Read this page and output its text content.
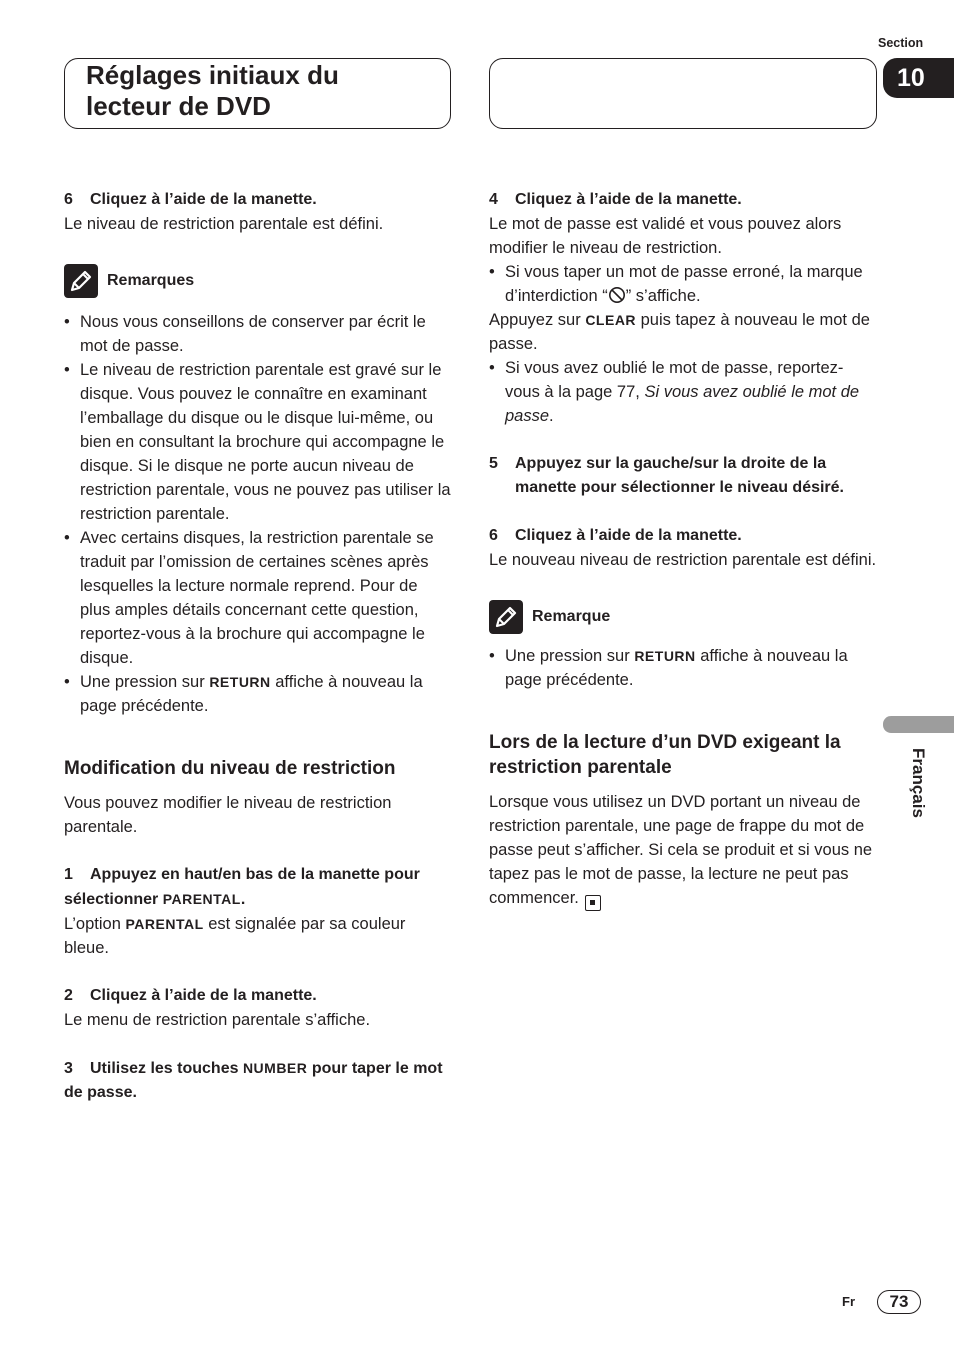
Réglages initiaux du
lecteur de DVD
Section
10
Français

6 Cliquez à l’aide de la manette.

Le niveau de restriction parentale est défini.

Remarques
• Nous vous conseillons de conserver par écrit le mot de passe.
• Le niveau de restriction parentale est gravé sur le disque. Vous pouvez le connaître en examinant l’emballage du disque ou le disque lui-même, ou bien en consultant la brochure qui accompagne le disque. Si le disque ne porte aucun niveau de restriction parentale, vous ne pouvez pas utiliser la restriction parentale.
• Avec certains disques, la restriction parentale se traduit par l’omission de certaines scènes après lesquelles la lecture normale reprend. Pour de plus amples détails concernant cette question, reportez-vous à la brochure qui accompagne le disque.
• Une pression sur RETURN affiche à nouveau la page précédente.

Modification du niveau de restriction

Vous pouvez modifier le niveau de restriction parentale.

1 Appuyez en haut/en bas de la manette pour sélectionner PARENTAL.

L’option PARENTAL est signalée par sa couleur bleue.

2 Cliquez à l’aide de la manette.

Le menu de restriction parentale s’affiche.

3 Utilisez les touches NUMBER pour taper le mot de passe.

4 Cliquez à l’aide de la manette.

Le mot de passe est validé et vous pouvez alors modifier le niveau de restriction.

• Si vous taper un mot de passe erroné, la marque d’interdiction “ ” s’affiche.

Appuyez sur CLEAR puis tapez à nouveau le mot de passe.

• Si vous avez oublié le mot de passe, reportez-vous à la page 77, Si vous avez oublié le mot de passe.

5 Appuyez sur la gauche/sur la droite de la manette pour sélectionner le niveau désiré.

6 Cliquez à l’aide de la manette.

Le nouveau niveau de restriction parentale est défini.

Remarque
• Une pression sur RETURN affiche à nouveau la page précédente.

Lors de la lecture d’un DVD exigeant la restriction parentale

Lorsque vous utilisez un DVD portant un niveau de restriction parentale, une page de frappe du mot de passe peut s’afficher. Si cela se produit et si vous ne tapez pas le mot de passe, la lecture ne peut pas commencer.

Fr	73
